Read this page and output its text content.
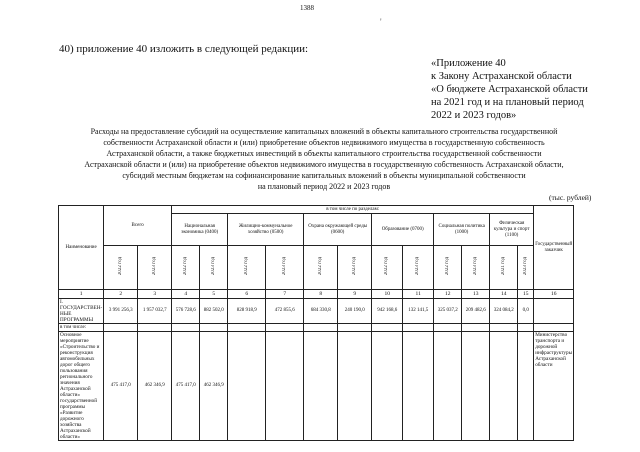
1388
'
40) приложение 40 изложить в следующей редакции:
«Приложение 40
к Закону Астраханской области
«О бюджете Астраханской области
на 2021 год и на плановый период
2022 и 2023 годов»
Расходы на предоставление субсидий на осуществление капитальных вложений в объекты капитального строительства государственной
собственности Астраханской области и (или) приобретение объектов недвижимого имущества в государственную собственность
Астраханской области, а также бюджетных инвестиций в объекты капитального строительства государственной собственности
Астраханской области и (или) на приобретение объектов недвижимого имущества в государственную собственность Астраханской области,
субсидий местным бюджетам на софинансирование капитальных вложений в объекты муниципальной собственности
на плановый период 2022 и 2023 годов
(тыс. рублей)
Наименование	Всего		в том числе по разделам:												Государственный заказчик
			Национальная экономика (0400)		Жилищно-коммунальное хозяйство (0500)		Охрана окружающей среды (0600)		Образование (0700)		Социальная политика (1000)		Физическая культура и спорт (1100)		
	2022 год	2023 год	2022 год	2023 год	2022 год	2023 год	2022 год	2023 год	2022 год	2023 год	2022 год	2023 год	2021 год	2023 год	
1	2	3	4	5	6	7	8	9	10	11	12	13	14	15	16
I. ГОСУДАРСТВЕН-НЫЕ ПРОГРАММЫ	3 991 256,3	1 957 032,7	576 728,6	882 502,0	828 918,9	472 855,6	684 330,8	240 190,0	942 168,6	132 141,5	325 037,2	209 482,6	324 084,2	0,0	
в том числе:															
Основное мероприятие «Строительство и реконструкция автомобильных дорог общего пользования регионального значения Астраханской области» государственной программы «Развитие дорожного хозяйства Астраханской области»	475 417,0	462 346,9	475 417,0	462 346,9											Министерство транспорта и дорожной инфраструктуры Астраханской области
